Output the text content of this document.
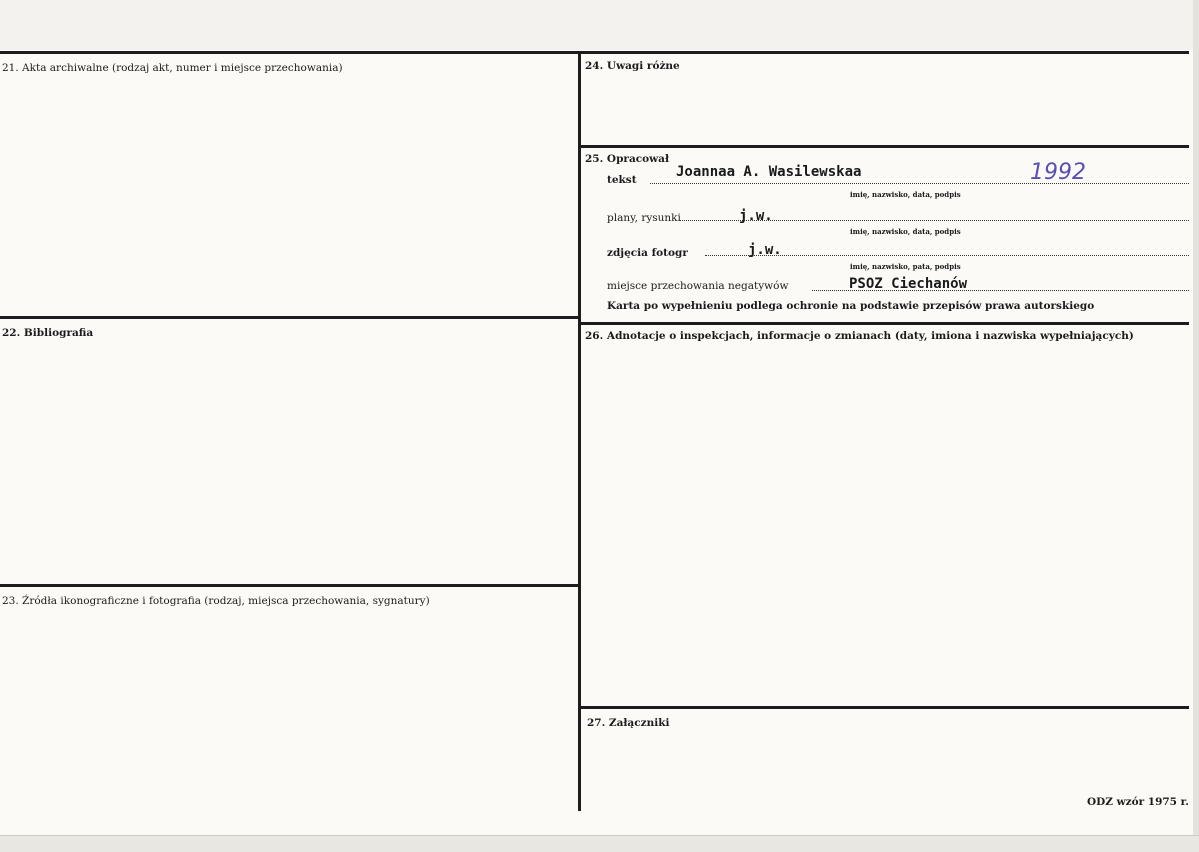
21. Akta archiwalne (rodzaj akt, numer i miejsce przechowania)
22. Bibliografia
23. Źródła ikonograficzne i fotografia (rodzaj, miejsca przechowania, sygnatury)
24. Uwagi różne
25. Opracował
tekst	Joannaa A. Wasilewskaa	1992
imię, nazwisko, data, podpis
plany, rysunki	j.w.
imię, nazwisko, data, podpis
zdjęcia fotogr	j.w.
imię, nazwisko, pata, podpis
miejsce przechowania negatywów	PSOZ Ciechanów
Karta po wypełnieniu podlega ochronie na podstawie przepisów prawa autorskiego
26. Adnotacje o inspekcjach, informacje o zmianach (daty, imiona i nazwiska wypełniających)
27. Załączniki
ODZ wzór 1975 r.
